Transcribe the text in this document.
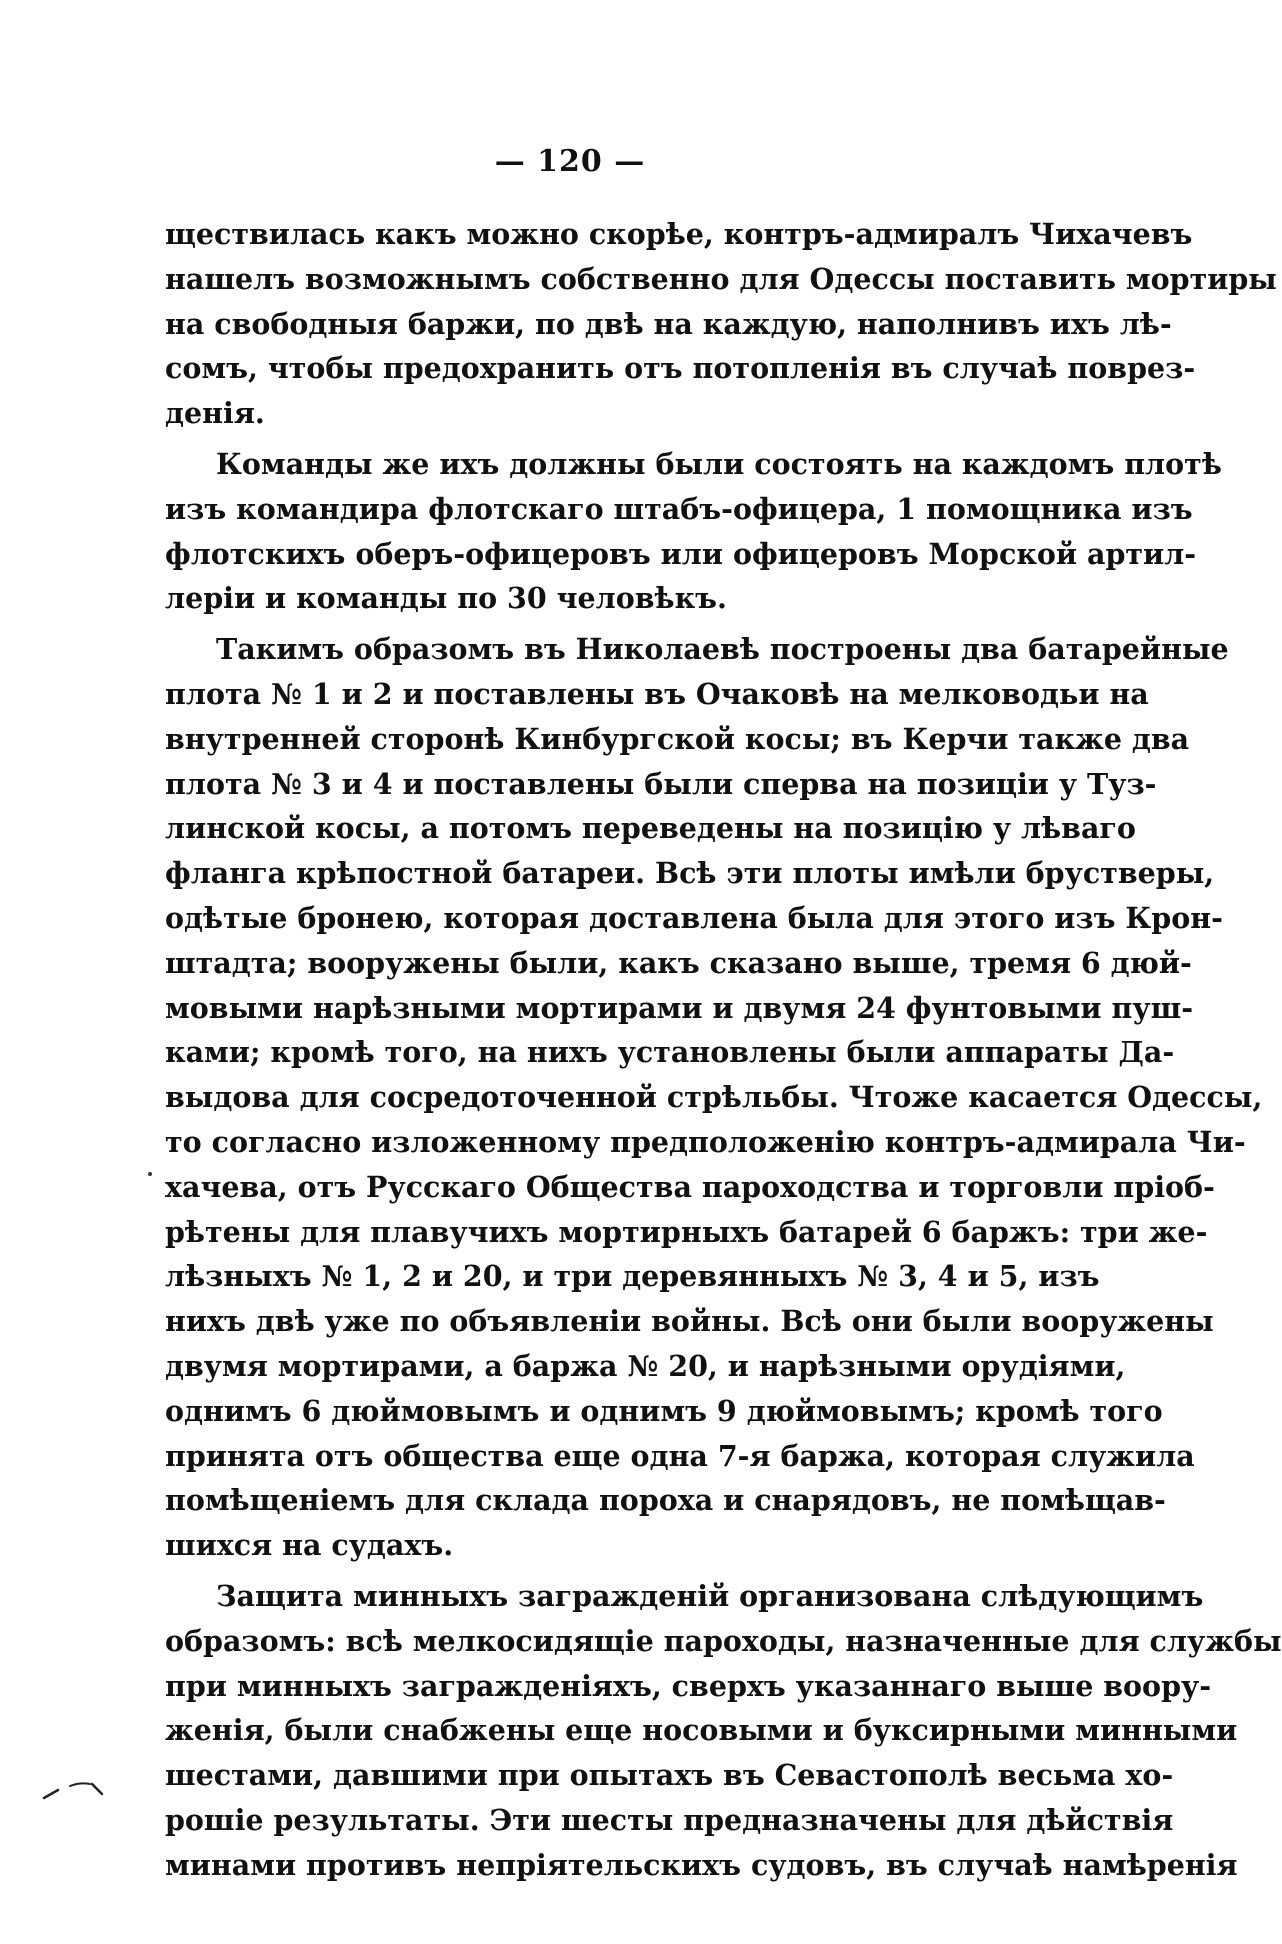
— 120 —
ществилась какъ можно скорѣе, контръ-адмиралъ Чихачевъ
нашелъ возможнымъ собственно для Одессы поставить мортиры
на свободныя баржи, по двѣ на каждую, наполнивъ ихъ лѣ-
сомъ, чтобы предохранить отъ потопленія въ случаѣ поврез-
денія.
Команды же ихъ должны были состоять на каждомъ плотѣ
изъ командира флотскаго штабъ-офицера, 1 помощника изъ
флотскихъ оберъ-офицеровъ или офицеровъ Морской артил-
леріи и команды по 30 человѣкъ.
Такимъ образомъ въ Николаевѣ построены два батарейные
плота № 1 и 2 и поставлены въ Очаковѣ на мелководьи на
внутренней сторонѣ Кинбургской косы; въ Керчи также два
плота № 3 и 4 и поставлены были сперва на позиціи у Туз-
линской косы, а потомъ переведены на позицію у лѣваго
фланга крѣпостной батареи. Всѣ эти плоты имѣли брустверы,
одѣтые бронею, которая доставлена была для этого изъ Крон-
штадта; вооружены были, какъ сказано выше, тремя 6 дюй-
мовыми нарѣзными мортирами и двумя 24 фунтовыми пуш-
ками; кромѣ того, на нихъ установлены были аппараты Да-
выдова для сосредоточенной стрѣльбы. Чтоже касается Одессы,
то согласно изложенному предположенію контръ-адмирала Чи-
хачева, отъ Русскаго Общества пароходства и торговли пріоб-
рѣтены для плавучихъ мортирныхъ батарей 6 баржъ: три же-
лѣзныхъ № 1, 2 и 20, и три деревянныхъ № 3, 4 и 5, изъ
нихъ двѣ уже по объявленіи войны. Всѣ они были вооружены
двумя мортирами, а баржа № 20, и нарѣзными орудіями,
однимъ 6 дюймовымъ и однимъ 9 дюймовымъ; кромѣ того
принята отъ общества еще одна 7-я баржа, которая служила
помѣщеніемъ для склада пороха и снарядовъ, не помѣщав-
шихся на судахъ.
Защита минныхъ загражденій организована слѣдующимъ
образомъ: всѣ мелкосидящіе пароходы, назначенные для службы
при минныхъ загражденіяхъ, сверхъ указаннаго выше воору-
женія, были снабжены еще носовыми и буксирными минными
шестами, давшими при опытахъ въ Севастополѣ весьма хо-
рошіе результаты. Эти шесты предназначены для дѣйствія
минами противъ непріятельскихъ судовъ, въ случаѣ намѣренія
